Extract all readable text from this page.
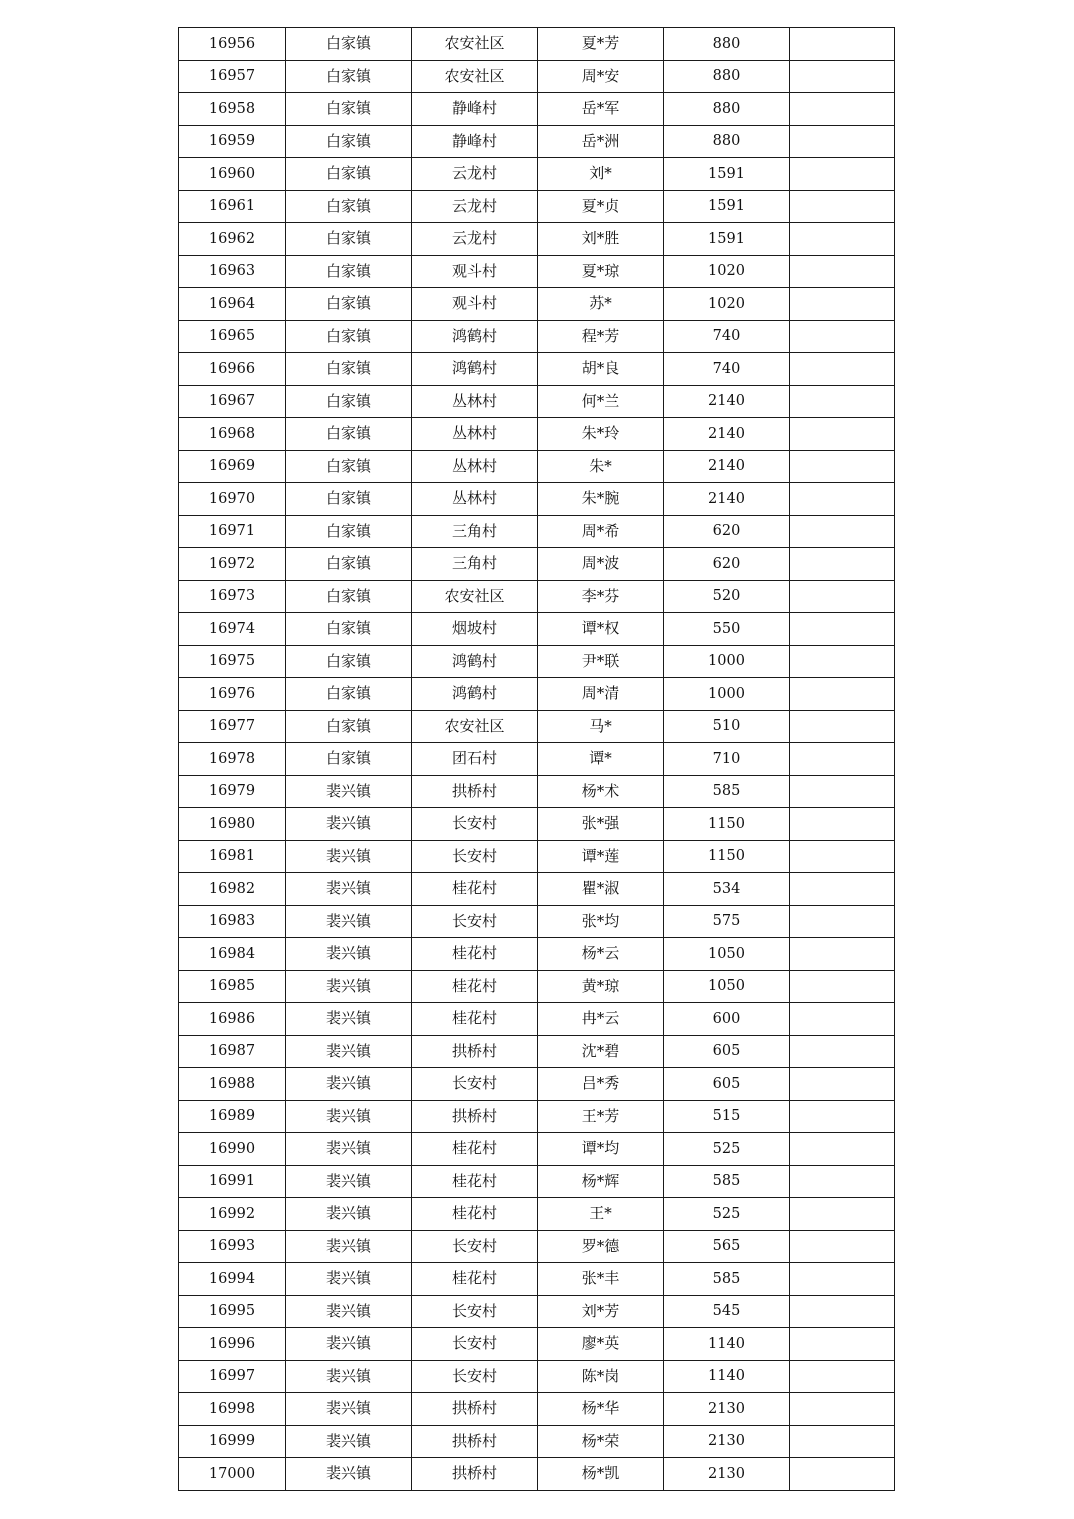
16956	白家镇	农安社区	夏*芳	880	
16957	白家镇	农安社区	周*安	880	
16958	白家镇	静峰村	岳*军	880	
16959	白家镇	静峰村	岳*洲	880	
16960	白家镇	云龙村	刘*	1591	
16961	白家镇	云龙村	夏*贞	1591	
16962	白家镇	云龙村	刘*胜	1591	
16963	白家镇	观斗村	夏*琼	1020	
16964	白家镇	观斗村	苏*	1020	
16965	白家镇	鸿鹤村	程*芳	740	
16966	白家镇	鸿鹤村	胡*良	740	
16967	白家镇	丛林村	何*兰	2140	
16968	白家镇	丛林村	朱*玲	2140	
16969	白家镇	丛林村	朱*	2140	
16970	白家镇	丛林村	朱*腕	2140	
16971	白家镇	三角村	周*希	620	
16972	白家镇	三角村	周*波	620	
16973	白家镇	农安社区	李*芬	520	
16974	白家镇	烟坡村	谭*权	550	
16975	白家镇	鸿鹤村	尹*联	1000	
16976	白家镇	鸿鹤村	周*清	1000	
16977	白家镇	农安社区	马*	510	
16978	白家镇	团石村	谭*	710	
16979	裴兴镇	拱桥村	杨*术	585	
16980	裴兴镇	长安村	张*强	1150	
16981	裴兴镇	长安村	谭*莲	1150	
16982	裴兴镇	桂花村	瞿*淑	534	
16983	裴兴镇	长安村	张*均	575	
16984	裴兴镇	桂花村	杨*云	1050	
16985	裴兴镇	桂花村	黄*琼	1050	
16986	裴兴镇	桂花村	冉*云	600	
16987	裴兴镇	拱桥村	沈*碧	605	
16988	裴兴镇	长安村	吕*秀	605	
16989	裴兴镇	拱桥村	王*芳	515	
16990	裴兴镇	桂花村	谭*均	525	
16991	裴兴镇	桂花村	杨*辉	585	
16992	裴兴镇	桂花村	王*	525	
16993	裴兴镇	长安村	罗*德	565	
16994	裴兴镇	桂花村	张*丰	585	
16995	裴兴镇	长安村	刘*芳	545	
16996	裴兴镇	长安村	廖*英	1140	
16997	裴兴镇	长安村	陈*岗	1140	
16998	裴兴镇	拱桥村	杨*华	2130	
16999	裴兴镇	拱桥村	杨*荣	2130	
17000	裴兴镇	拱桥村	杨*凯	2130	
